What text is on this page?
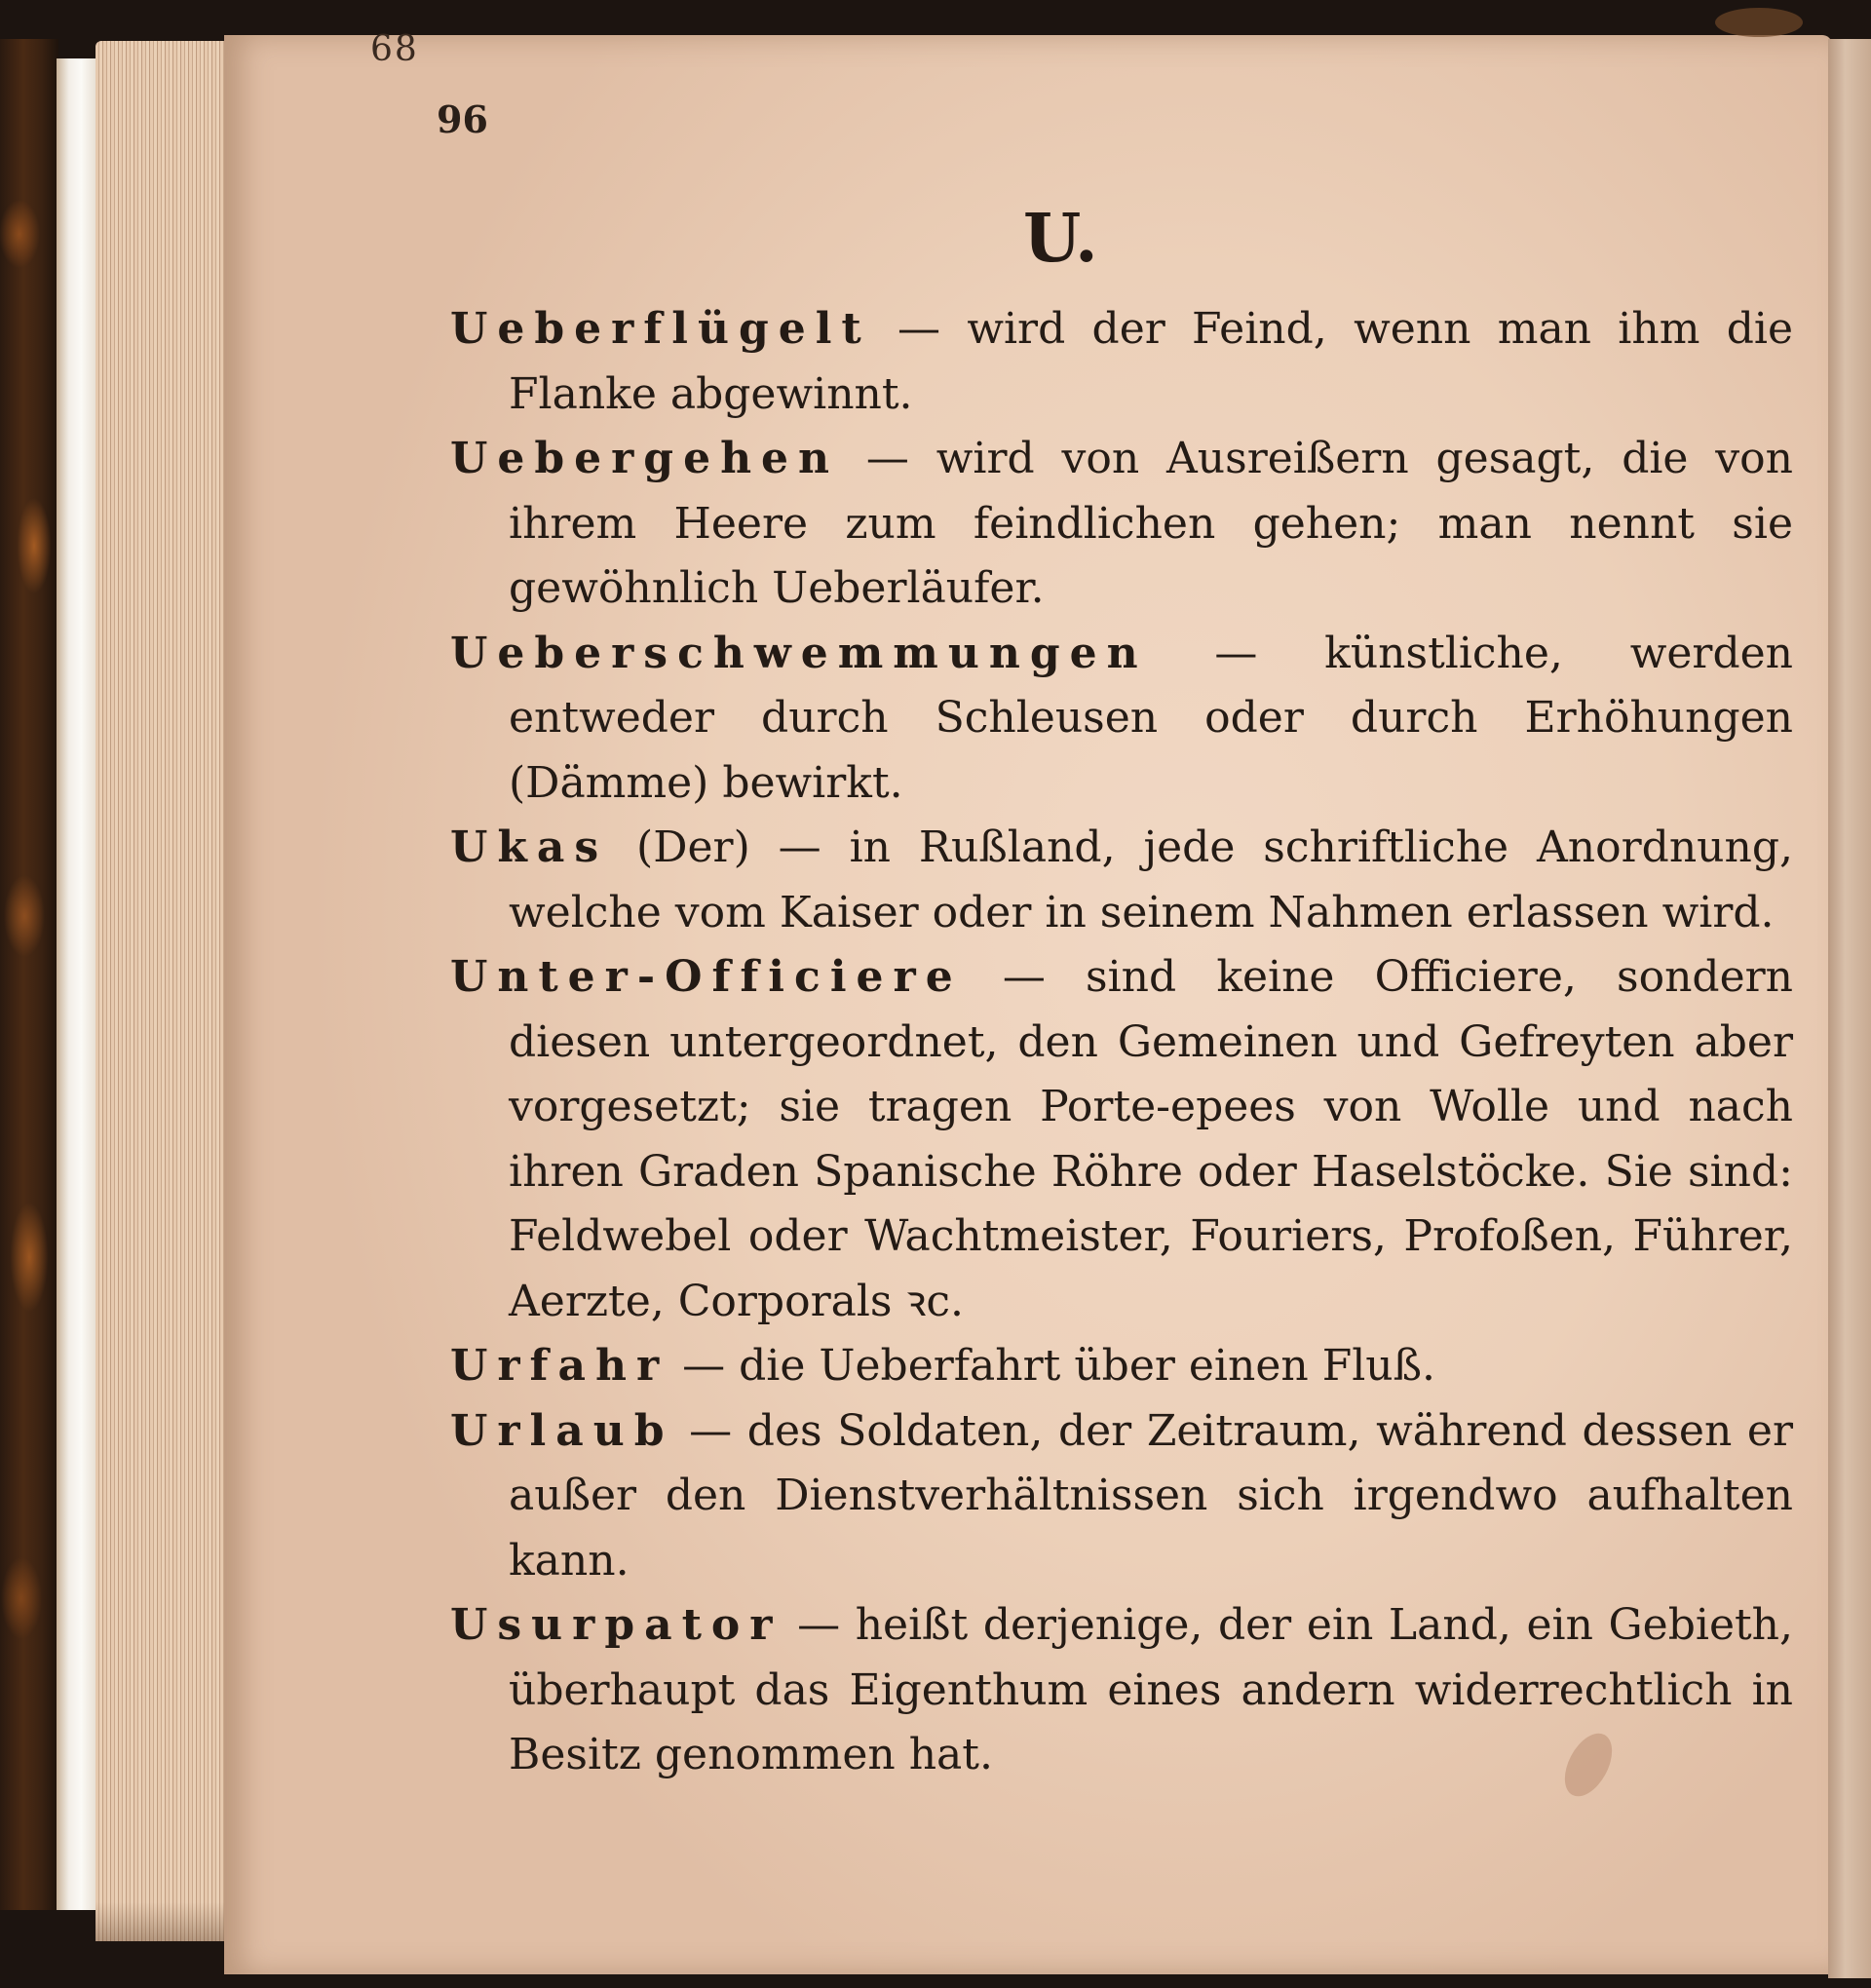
68
96
U.

Ueberflügelt — wird der Feind, wenn man ihm die Flanke abgewinnt.

Uebergehen — wird von Ausreißern gesagt, die von ihrem Heere zum feindlichen gehen; man nennt sie gewöhnlich Ueberläufer.

Ueberschwemmungen — künstliche, werden entweder durch Schleusen oder durch Erhöhungen (Dämme) bewirkt.

Ukas (Der) — in Rußland, jede schriftliche Anordnung, welche vom Kaiser oder in seinem Nahmen erlassen wird.

Unter-Officiere — sind keine Officiere, sondern diesen untergeordnet, den Gemeinen und Gefreyten aber vorgesetzt; sie tragen Porte-epees von Wolle und nach ihren Graden Spanische Röhre oder Haselstöcke. Sie sind: Feldwebel oder Wachtmeister, Fouriers, Profoßen, Führer, Aerzte, Corporals ꝛc.

Urfahr — die Ueberfahrt über einen Fluß.

Urlaub — des Soldaten, der Zeitraum, während dessen er außer den Dienstverhältnissen sich irgendwo aufhalten kann.

Usurpator — heißt derjenige, der ein Land, ein Gebieth, überhaupt das Eigenthum eines andern widerrechtlich in Besitz genommen hat.
